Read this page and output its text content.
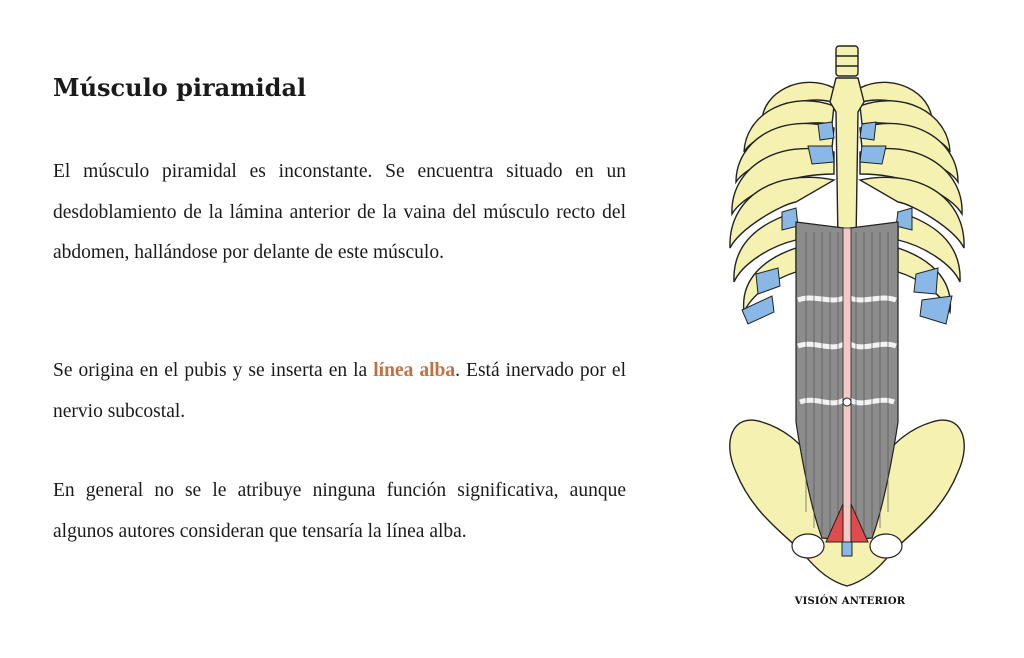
Músculo piramidal

El músculo piramidal es inconstante. Se encuentra situado en un desdoblamiento de la lámina anterior de la vaina del músculo recto del abdomen, hallándose por delante de este músculo.

Se origina en el pubis y se inserta en la línea alba. Está inervado por el nervio subcostal.

En general no se le atribuye ninguna función significativa, aunque algunos autores consideran que tensaría la línea alba.

VISIÓN ANTERIOR
